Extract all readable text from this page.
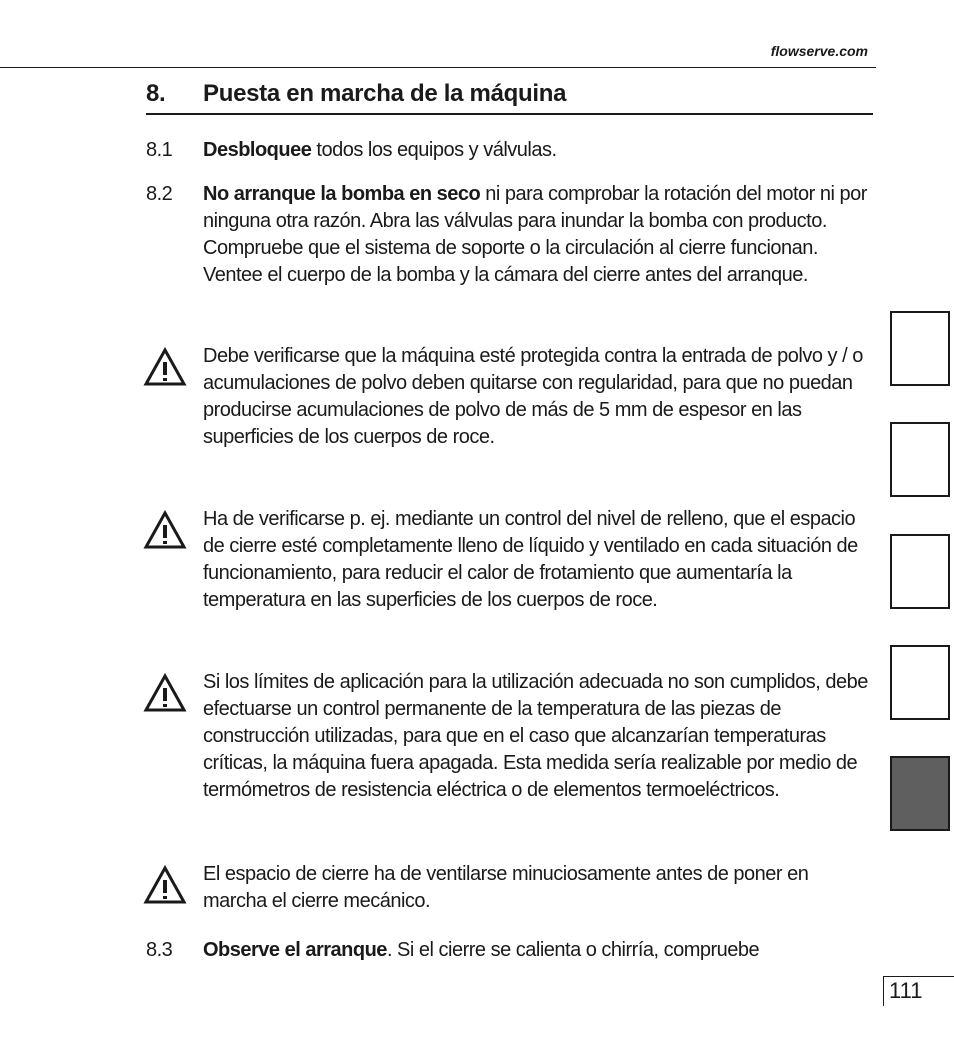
flowserve.com
8. Puesta en marcha de la máquina
8.1 Desbloquee todos los equipos y válvulas.
8.2 No arranque la bomba en seco ni para comprobar la rotación del motor ni por ninguna otra razón. Abra las válvulas para inundar la bomba con producto. Compruebe que el sistema de soporte o la circulación al cierre funcionan. Ventee el cuerpo de la bomba y la cámara del cierre antes del arranque.
Debe verificarse que la máquina esté protegida contra la entrada de polvo y / o acumulaciones de polvo deben quitarse con regularidad, para que no puedan producirse acumulaciones de polvo de más de 5 mm de espesor en las superficies de los cuerpos de roce.
Ha de verificarse p. ej. mediante un control del nivel de relleno, que el espacio de cierre esté completamente lleno de líquido y ventilado en cada situación de funcionamiento, para reducir el calor de frotamiento que aumentaría la temperatura en las superficies de los cuerpos de roce.
Si los límites de aplicación para la utilización adecuada no son cumplidos, debe efectuarse un control permanente de la temperatura de las piezas de construcción utilizadas, para que en el caso que alcanzarían temperaturas críticas, la máquina fuera apagada. Esta medida sería realizable por medio de termómetros de resistencia eléctrica o de elementos termoeléctricos.
El espacio de cierre ha de ventilarse minuciosamente antes de poner en marcha el cierre mecánico.
8.3 Observe el arranque. Si el cierre se calienta o chirría, compruebe
111
